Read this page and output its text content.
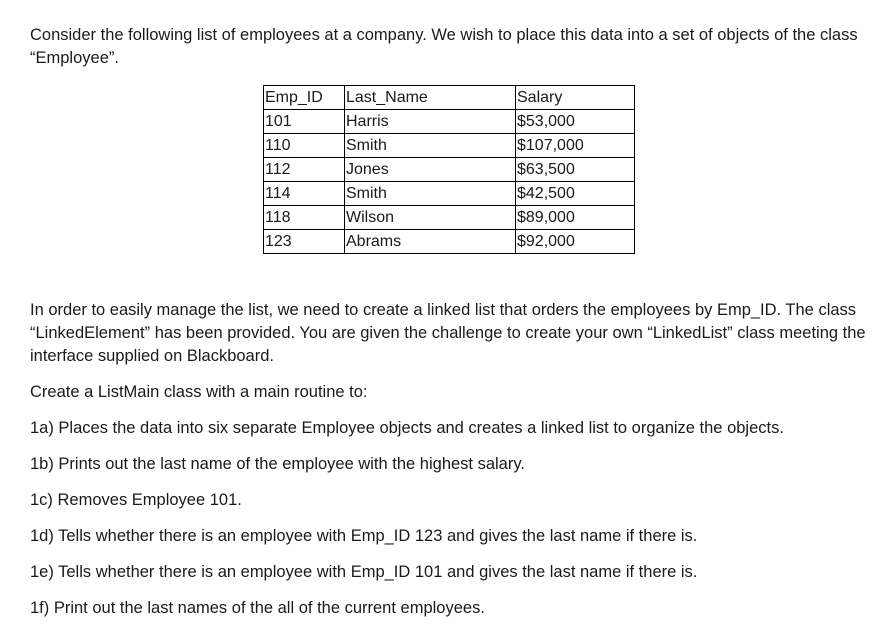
Consider the following list of employees at a company. We wish to place this data into a set of objects of the class “Employee”.

Emp_ID	Last_Name	Salary
101	Harris	$53,000
110	Smith	$107,000
112	Jones	$63,500
114	Smith	$42,500
118	Wilson	$89,000
123	Abrams	$92,000

In order to easily manage the list, we need to create a linked list that orders the employees by Emp_ID. The class “LinkedElement” has been provided. You are given the challenge to create your own “LinkedList” class meeting the interface supplied on Blackboard.

Create a ListMain class with a main routine to:

1a) Places the data into six separate Employee objects and creates a linked list to organize the objects.

1b) Prints out the last name of the employee with the highest salary.

1c) Removes Employee 101.

1d) Tells whether there is an employee with Emp_ID 123 and gives the last name if there is.

1e) Tells whether there is an employee with Emp_ID 101 and gives the last name if there is.

1f) Print out the last names of the all of the current employees.
